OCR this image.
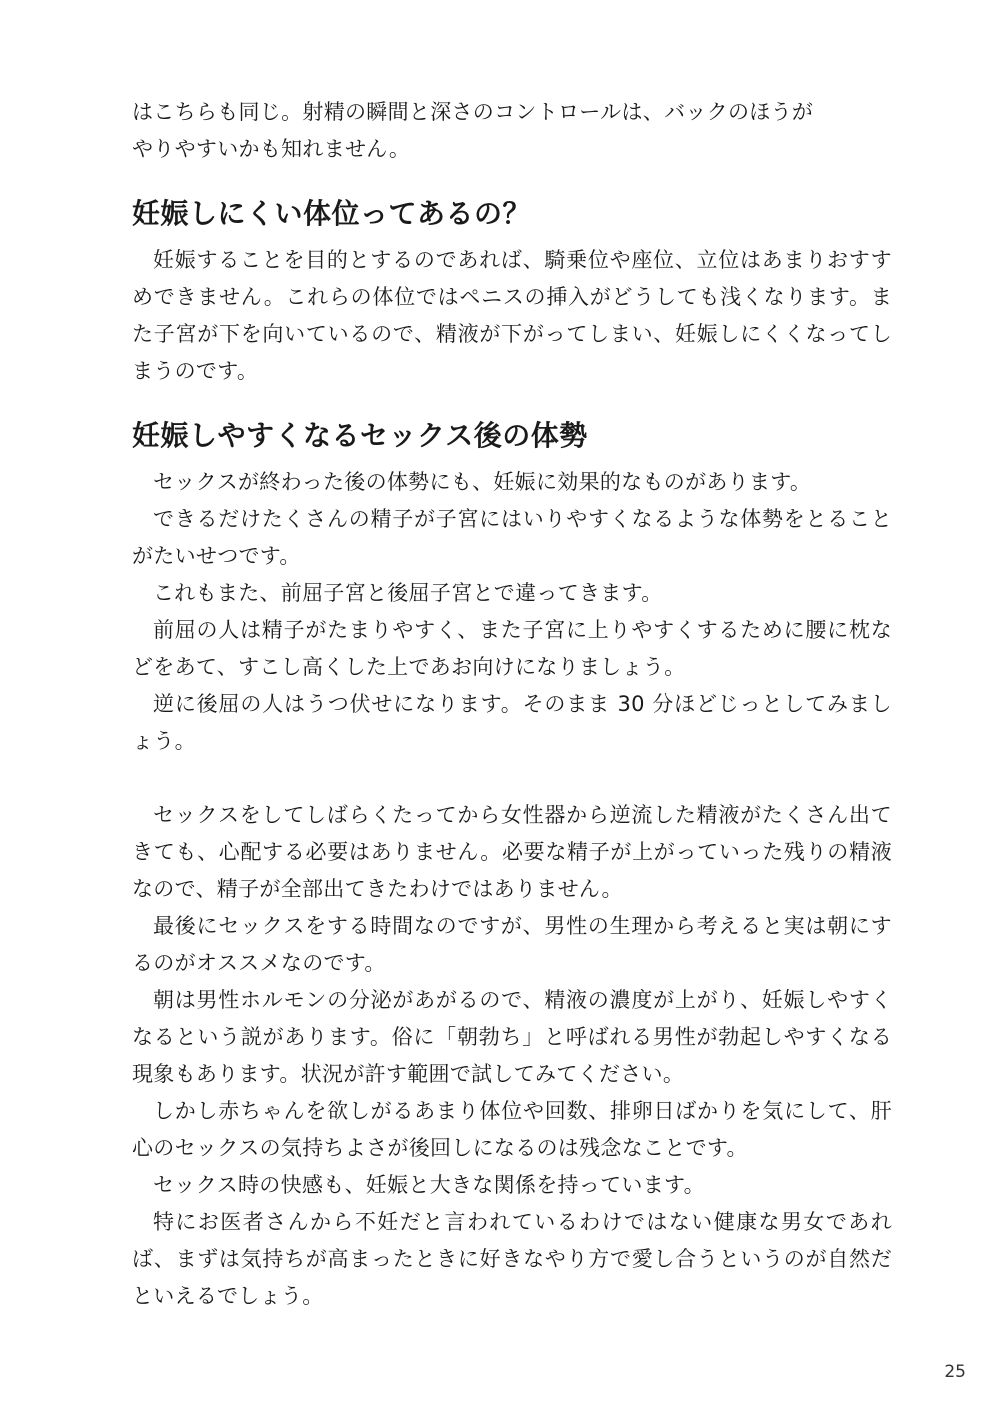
はこちらも同じ。射精の瞬間と深さのコントロールは、バックのほうが

やりやすいかも知れません。

妊娠しにくい体位ってあるの？

妊娠することを目的とするのであれば、騎乗位や座位、立位はあまりおすすめできません。これらの体位ではペニスの挿入がどうしても浅くなります。また子宮が下を向いているので、精液が下がってしまい、妊娠しにくくなってしまうのです。

妊娠しやすくなるセックス後の体勢

セックスが終わった後の体勢にも、妊娠に効果的なものがあります。

できるだけたくさんの精子が子宮にはいりやすくなるような体勢をとることがたいせつです。

これもまた、前屈子宮と後屈子宮とで違ってきます。

前屈の人は精子がたまりやすく、また子宮に上りやすくするために腰に枕などをあて、すこし高くした上であお向けになりましょう。

逆に後屈の人はうつ伏せになります。そのまま 30 分ほどじっとしてみましょう。

セックスをしてしばらくたってから女性器から逆流した精液がたくさん出てきても、心配する必要はありません。必要な精子が上がっていった残りの精液なので、精子が全部出てきたわけではありません。

最後にセックスをする時間なのですが、男性の生理から考えると実は朝にするのがオススメなのです。

朝は男性ホルモンの分泌があがるので、精液の濃度が上がり、妊娠しやすくなるという説があります。俗に「朝勃ち」と呼ばれる男性が勃起しやすくなる現象もあります。状況が許す範囲で試してみてください。

しかし赤ちゃんを欲しがるあまり体位や回数、排卵日ばかりを気にして、肝心のセックスの気持ちよさが後回しになるのは残念なことです。

セックス時の快感も、妊娠と大きな関係を持っています。

特にお医者さんから不妊だと言われているわけではない健康な男女であれば、まずは気持ちが高まったときに好きなやり方で愛し合うというのが自然だといえるでしょう。

25
